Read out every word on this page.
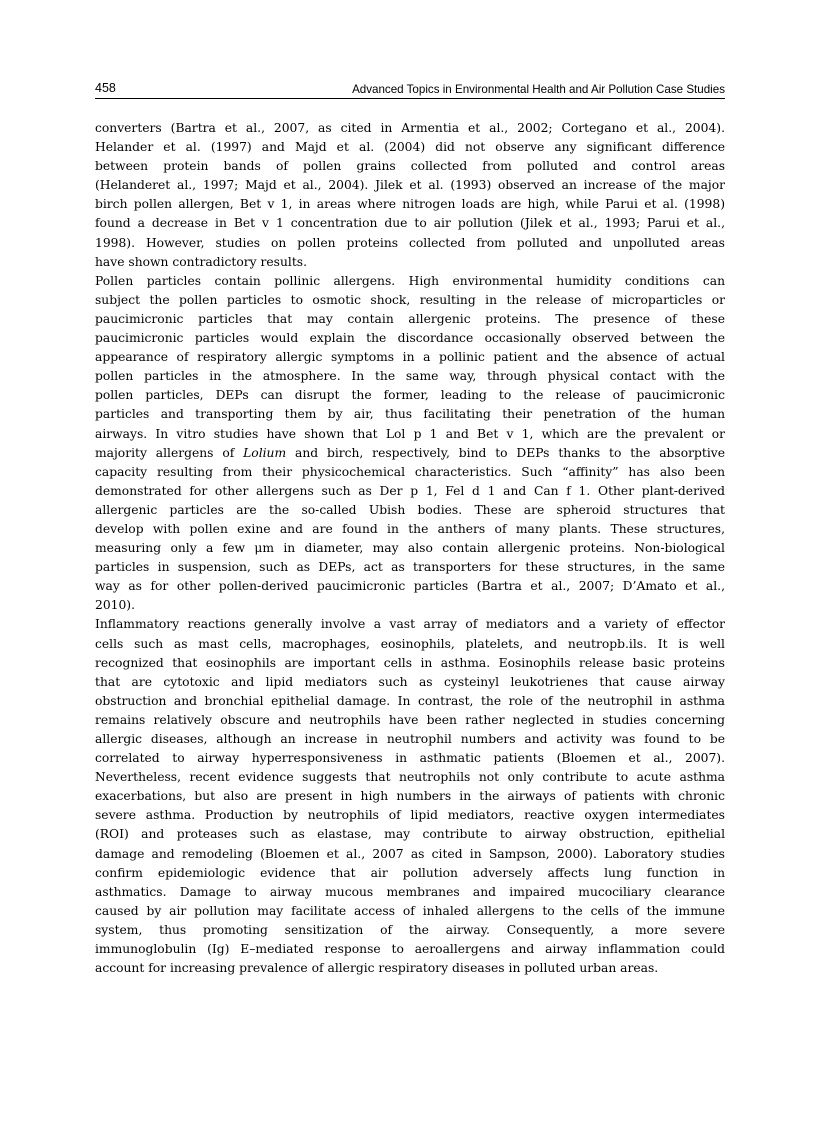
458	Advanced Topics in Environmental Health and Air Pollution Case Studies
converters (Bartra et al., 2007, as cited in Armentia et al., 2002; Cortegano et al., 2004).
Helander et al. (1997) and Majd et al. (2004) did not observe any significant difference
between protein bands of pollen grains collected from polluted and control areas
(Helanderet al., 1997; Majd et al., 2004). Jilek et al. (1993) observed an increase of the major
birch pollen allergen, Bet v 1, in areas where nitrogen loads are high, while Parui et al. (1998)
found a decrease in Bet v 1 concentration due to air pollution (Jilek et al., 1993; Parui et al.,
1998). However, studies on pollen proteins collected from polluted and unpolluted areas
have shown contradictory results.
Pollen particles contain pollinic allergens. High environmental humidity conditions can
subject the pollen particles to osmotic shock, resulting in the release of microparticles or
paucimicronic particles that may contain allergenic proteins. The presence of these
paucimicronic particles would explain the discordance occasionally observed between the
appearance of respiratory allergic symptoms in a pollinic patient and the absence of actual
pollen particles in the atmosphere. In the same way, through physical contact with the
pollen particles, DEPs can disrupt the former, leading to the release of paucimicronic
particles and transporting them by air, thus facilitating their penetration of the human
airways. In vitro studies have shown that Lol p 1 and Bet v 1, which are the prevalent or
majority allergens of Lolium and birch, respectively, bind to DEPs thanks to the absorptive
capacity resulting from their physicochemical characteristics. Such “affinity” has also been
demonstrated for other allergens such as Der p 1, Fel d 1 and Can f 1. Other plant-derived
allergenic particles are the so-called Ubish bodies. These are spheroid structures that
develop with pollen exine and are found in the anthers of many plants. These structures,
measuring only a few μm in diameter, may also contain allergenic proteins. Non-biological
particles in suspension, such as DEPs, act as transporters for these structures, in the same
way as for other pollen-derived paucimicronic particles (Bartra et al., 2007; D’Amato et al.,
2010).
Inflammatory reactions generally involve a vast array of mediators and a variety of effector
cells such as mast cells, macrophages, eosinophils, platelets, and neutropb.ils. It is well
recognized that eosinophils are important cells in asthma. Eosinophils release basic proteins
that are cytotoxic and lipid mediators such as cysteinyl leukotrienes that cause airway
obstruction and bronchial epithelial damage. In contrast, the role of the neutrophil in asthma
remains relatively obscure and neutrophils have been rather neglected in studies concerning
allergic diseases, although an increase in neutrophil numbers and activity was found to be
correlated to airway hyperresponsiveness in asthmatic patients (Bloemen et al., 2007).
Nevertheless, recent evidence suggests that neutrophils not only contribute to acute asthma
exacerbations, but also are present in high numbers in the airways of patients with chronic
severe asthma. Production by neutrophils of lipid mediators, reactive oxygen intermediates
(ROI) and proteases such as elastase, may contribute to airway obstruction, epithelial
damage and remodeling (Bloemen et al., 2007 as cited in Sampson, 2000). Laboratory studies
confirm epidemiologic evidence that air pollution adversely affects lung function in
asthmatics. Damage to airway mucous membranes and impaired mucociliary clearance
caused by air pollution may facilitate access of inhaled allergens to the cells of the immune
system, thus promoting sensitization of the airway. Consequently, a more severe
immunoglobulin (Ig) E–mediated response to aeroallergens and airway inflammation could
account for increasing prevalence of allergic respiratory diseases in polluted urban areas.
